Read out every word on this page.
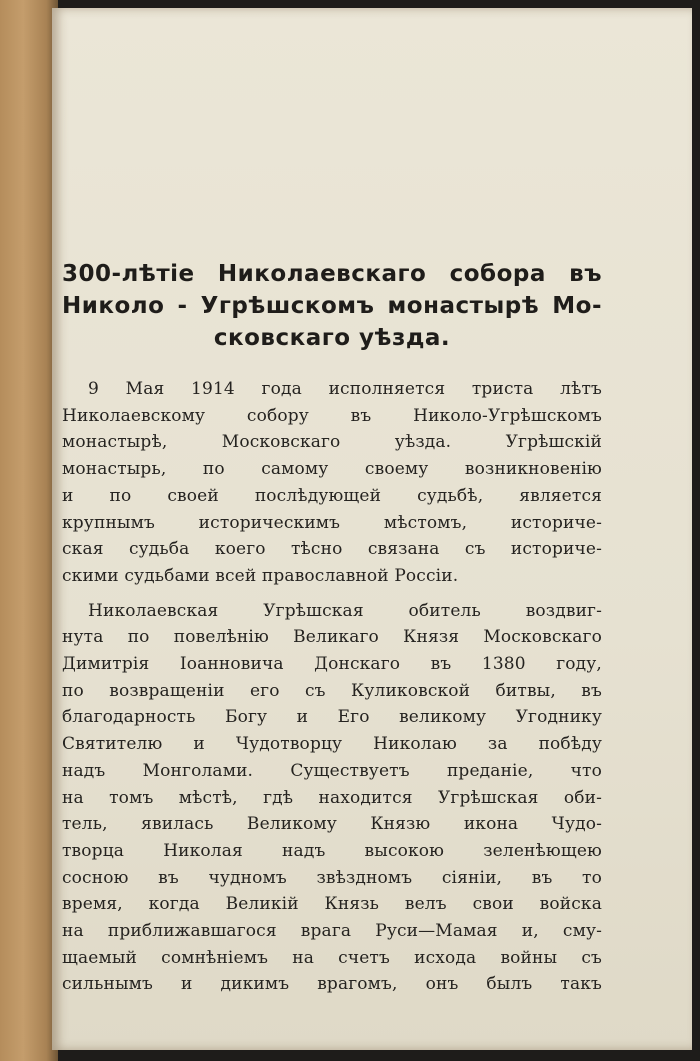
300-лѣтіе Николаевскаго собора въ
Николо - Угрѣшскомъ монастырѣ Мо-
сковскаго уѣзда.
9 Мая 1914 года исполняется триста лѣтъ
Николаевскому собору въ Николо-Угрѣшскомъ
монастырѣ, Московскаго уѣзда. Угрѣшскій
монастырь, по самому своему возникновенію
и по своей послѣдующей судьбѣ, является
крупнымъ историческимъ мѣстомъ, историче-
ская судьба коего тѣсно связана съ историче-
скими судьбами всей православной Россіи.
Николаевская Угрѣшская обитель воздвиг-
нута по повелѣнію Великаго Князя Московскаго
Димитрія Іоанновича Донскаго въ 1380 году,
по возвращеніи его съ Куликовской битвы, въ
благодарность Богу и Его великому Угоднику
Святителю и Чудотворцу Николаю за побѣду
надъ Монголами. Существуетъ преданіе, что
на томъ мѣстѣ, гдѣ находится Угрѣшская оби-
тель, явилась Великому Князю икона Чудо-
творца Николая надъ высокою зеленѣющею
сосною въ чудномъ звѣздномъ сіяніи, въ то
время, когда Великій Князь велъ свои войска
на приближавшагося врага Руси—Мамая и, сму-
щаемый сомнѣніемъ на счетъ исхода войны съ
сильнымъ и дикимъ врагомъ, онъ былъ такъ
